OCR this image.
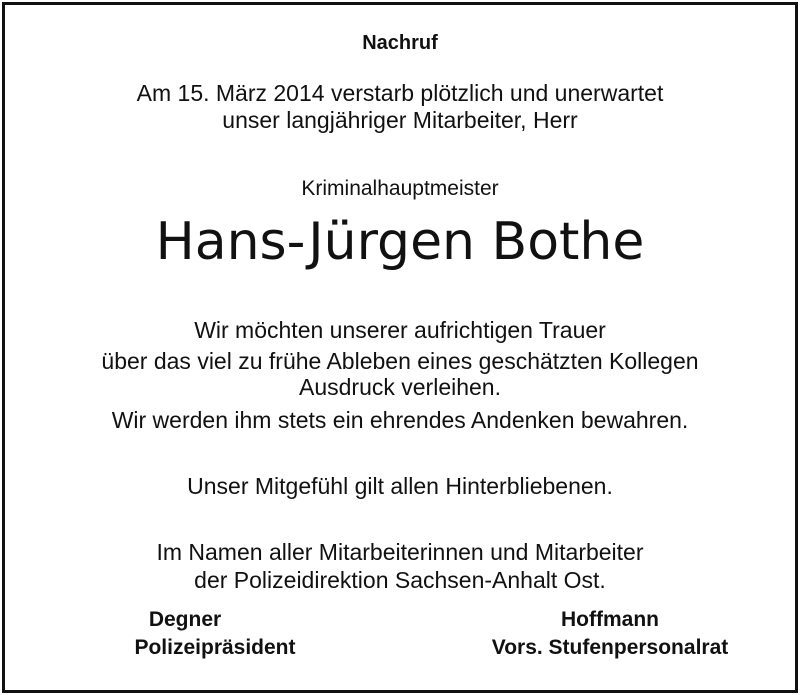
Nachruf
Am 15. März 2014 verstarb plötzlich und unerwartet
unser langjähriger Mitarbeiter, Herr
Kriminalhauptmeister
Hans-Jürgen Bothe
Wir möchten unserer aufrichtigen Trauer
über das viel zu frühe Ableben eines geschätzten Kollegen
Ausdruck verleihen.
Wir werden ihm stets ein ehrendes Andenken bewahren.
Unser Mitgefühl gilt allen Hinterbliebenen.
Im Namen aller Mitarbeiterinnen und Mitarbeiter
der Polizeidirektion Sachsen-Anhalt Ost.
Degner
Polizeipräsident
Hoffmann
Vors. Stufenpersonalrat
